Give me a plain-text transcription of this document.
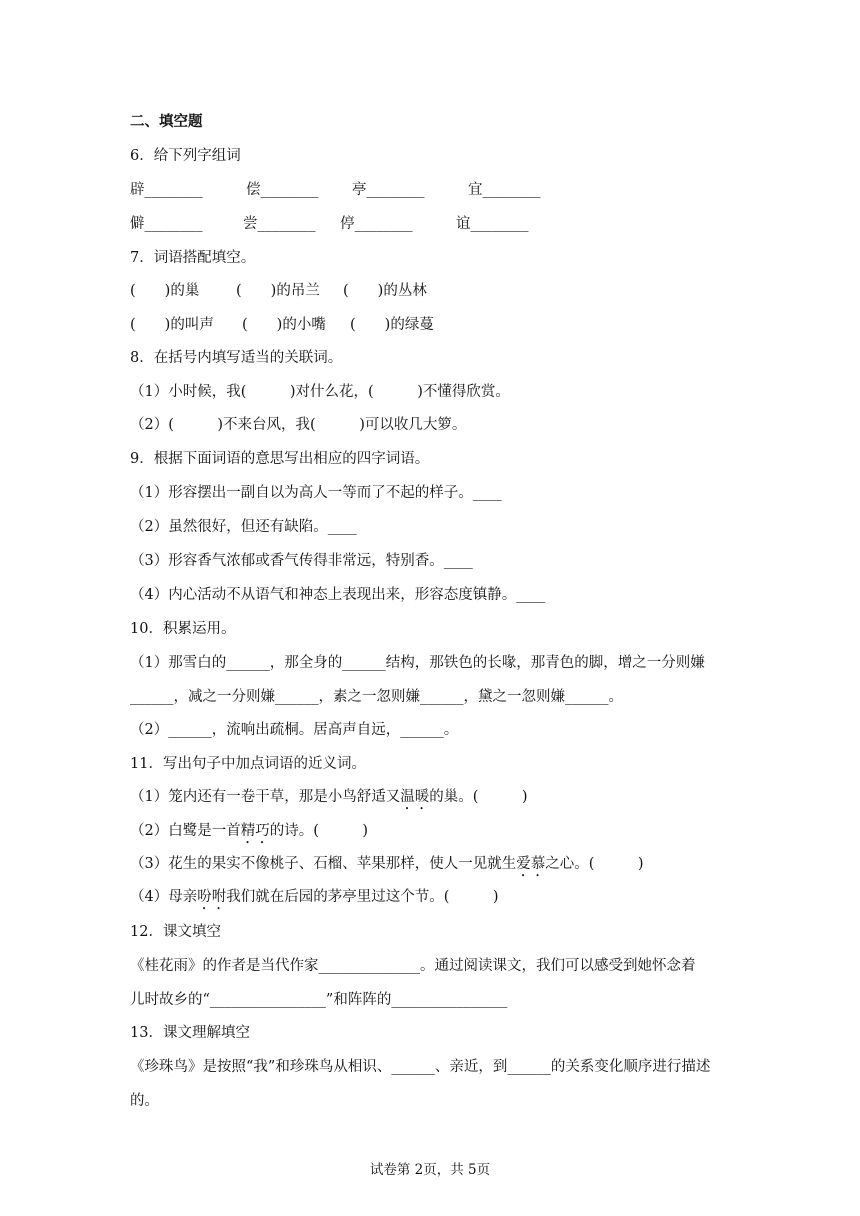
二、填空题
6．给下列字组词
辟________	偿________ 亭________	宜________
僻________	尝________ 停________	谊________
7．词语搭配填空。
(　　)的巢	(　　)的吊兰 (　　)的丛林
(　　)的叫声 (　　)的小嘴 (　　)的绿蔓
8．在括号内填写适当的关联词。
（1）小时候，我(　　　)对什么花，(　　　)不懂得欣赏。
（2）(　　　)不来台风，我(　　　)可以收几大箩。
9．根据下面词语的意思写出相应的四字词语。
（1）形容摆出一副自以为高人一等而了不起的样子。____
（2）虽然很好，但还有缺陷。____
（3）形容香气浓郁或香气传得非常远，特别香。____
（4）内心活动不从语气和神态上表现出来，形容态度镇静。____
10．积累运用。
（1）那雪白的______，那全身的______结构，那铁色的长喙，那青色的脚，增之一分则嫌
______，减之一分则嫌______，素之一忽则嫌______，黛之一忽则嫌______。
（2）______，流响出疏桐。居高声自远，______。
11．写出句子中加点词语的近义词。
（1）笼内还有一卷干草，那是小鸟舒适又温暖的巢。(　　　)
（2）白鹭是一首精巧的诗。(　　　)
（3）花生的果实不像桃子、石榴、苹果那样，使人一见就生爱慕之心。(　　　)
（4）母亲吩咐我们就在后园的茅亭里过这个节。(　　　)
12．课文填空
《桂花雨》的作者是当代作家______________。通过阅读课文，我们可以感受到她怀念着
儿时故乡的“________________”和阵阵的________________
13．课文理解填空
《珍珠鸟》是按照“我”和珍珠鸟从相识、______、亲近，到______的关系变化顺序进行描述
的。
试卷第 2页，共 5页
